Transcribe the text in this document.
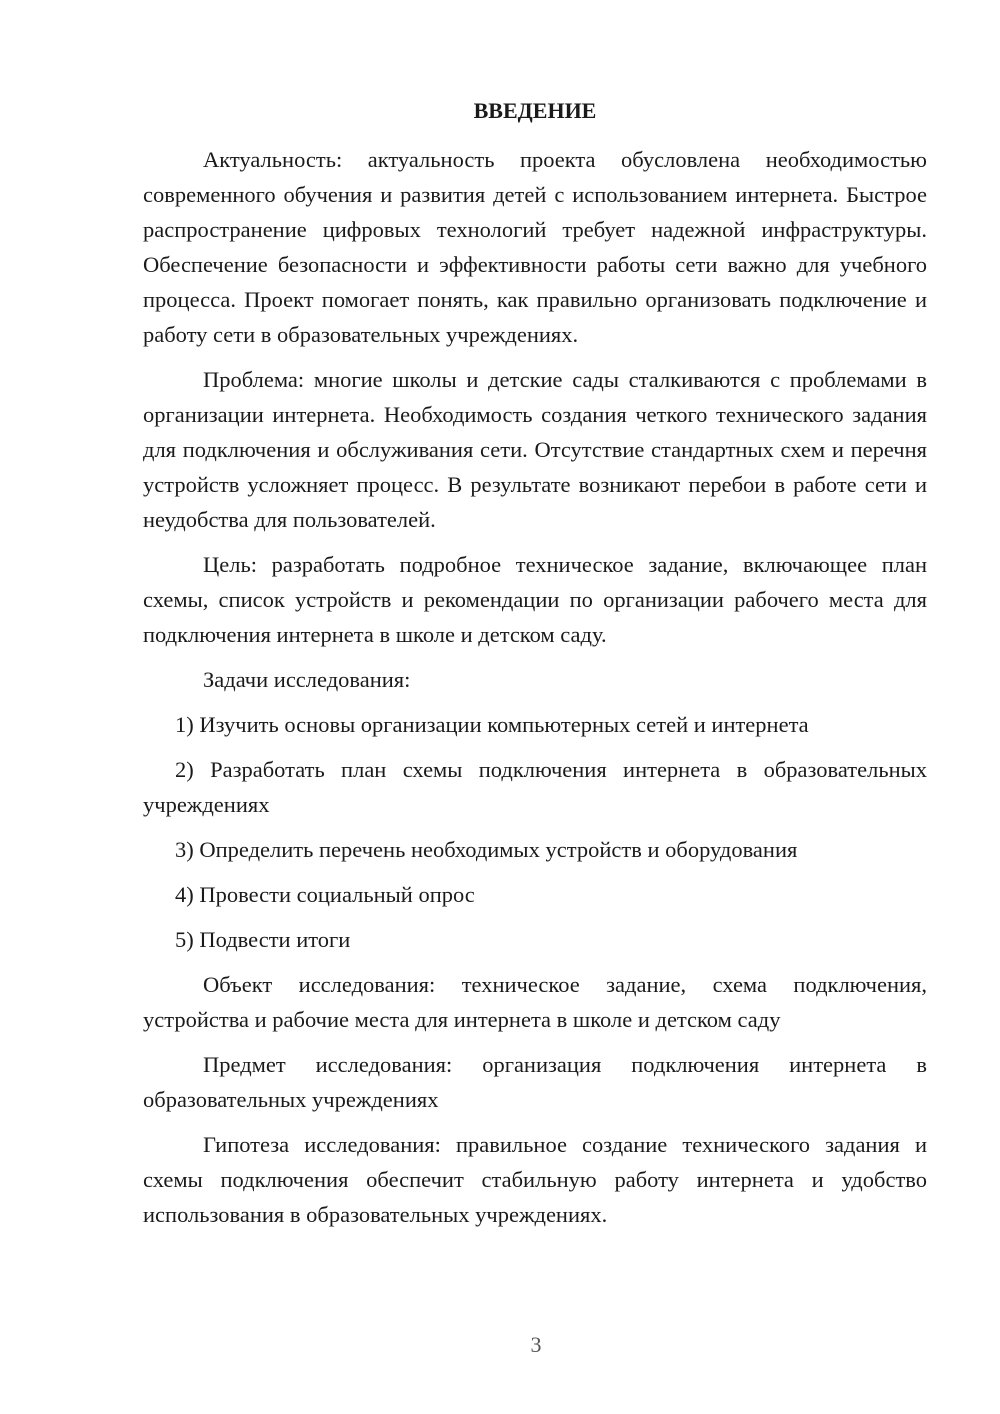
ВВЕДЕНИЕ

Актуальность: актуальность проекта обусловлена необходимостью современного обучения и развития детей с использованием интернета. Быстрое распространение цифровых технологий требует надежной инфраструктуры. Обеспечение безопасности и эффективности работы сети важно для учебного процесса. Проект помогает понять, как правильно организовать подключение и работу сети в образовательных учреждениях.

Проблема: многие школы и детские сады сталкиваются с проблемами в организации интернета. Необходимость создания четкого технического задания для подключения и обслуживания сети. Отсутствие стандартных схем и перечня устройств усложняет процесс. В результате возникают перебои в работе сети и неудобства для пользователей.

Цель: разработать подробное техническое задание, включающее план схемы, список устройств и рекомендации по организации рабочего места для подключения интернета в школе и детском саду.

Задачи исследования:

1) Изучить основы организации компьютерных сетей и интернета

2) Разработать план схемы подключения интернета в образовательных учреждениях

3) Определить перечень необходимых устройств и оборудования

4) Провести социальный опрос

5) Подвести итоги

Объект исследования: техническое задание, схема подключения, устройства и рабочие места для интернета в школе и детском саду

Предмет исследования: организация подключения интернета в образовательных учреждениях

Гипотеза исследования: правильное создание технического задания и схемы подключения обеспечит стабильную работу интернета и удобство использования в образовательных учреждениях.

3
